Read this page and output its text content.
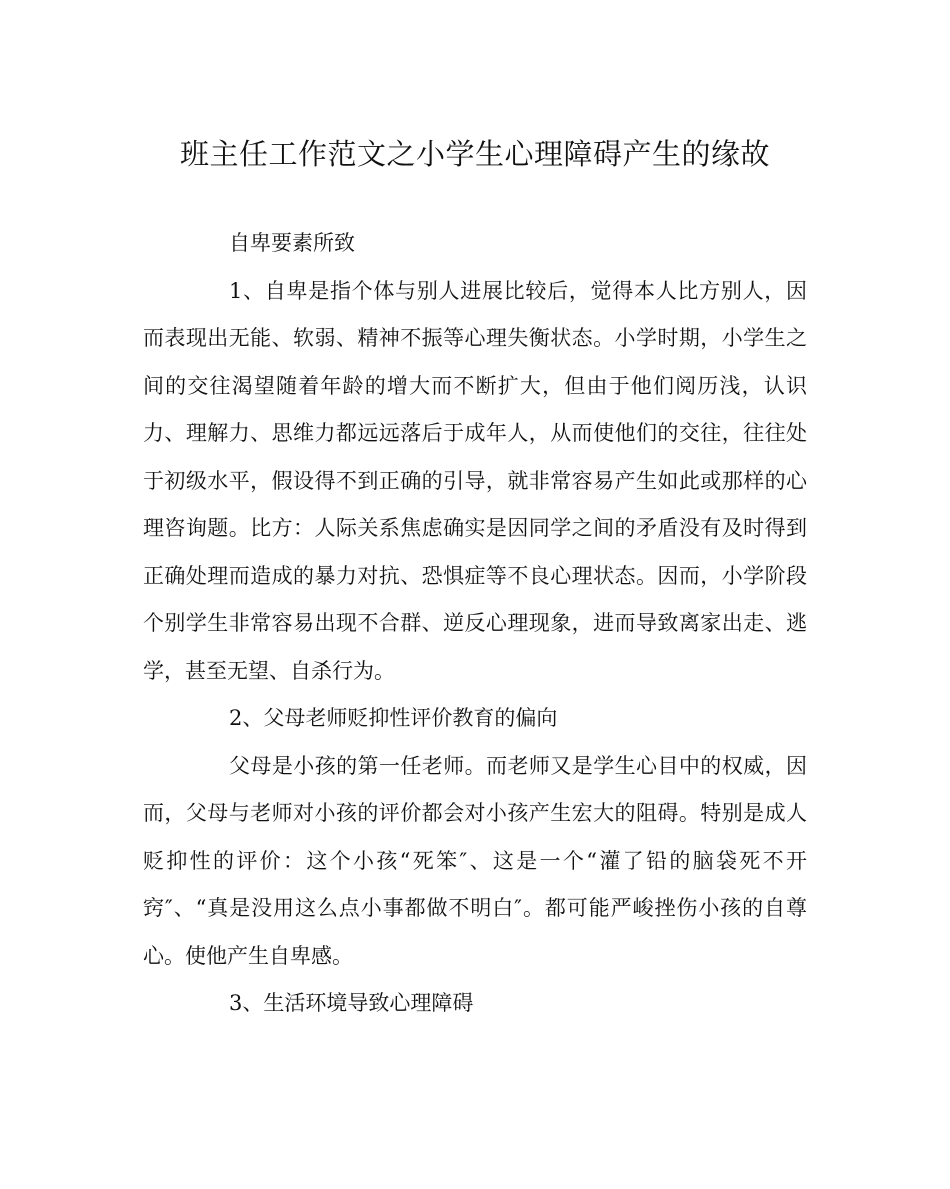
班主任工作范文之小学生心理障碍产生的缘故

自卑要素所致

1、自卑是指个体与别人进展比较后，觉得本人比方别人，因而表现出无能、软弱、精神不振等心理失衡状态。小学时期，小学生之间的交往渴望随着年龄的增大而不断扩大，但由于他们阅历浅，认识力、理解力、思维力都远远落后于成年人，从而使他们的交往，往往处于初级水平，假设得不到正确的引导，就非常容易产生如此或那样的心理咨询题。比方：人际关系焦虑确实是因同学之间的矛盾没有及时得到正确处理而造成的暴力对抗、恐惧症等不良心理状态。因而，小学阶段个别学生非常容易出现不合群、逆反心理现象，进而导致离家出走、逃学，甚至无望、自杀行为。

2、父母老师贬抑性评价教育的偏向

父母是小孩的第一任老师。而老师又是学生心目中的权威，因而，父母与老师对小孩的评价都会对小孩产生宏大的阻碍。特别是成人贬抑性的评价：这个小孩“死笨″、这是一个“灌了铅的脑袋死不开窍″、“真是没用这么点小事都做不明白″。都可能严峻挫伤小孩的自尊心。使他产生自卑感。

3、生活环境导致心理障碍
